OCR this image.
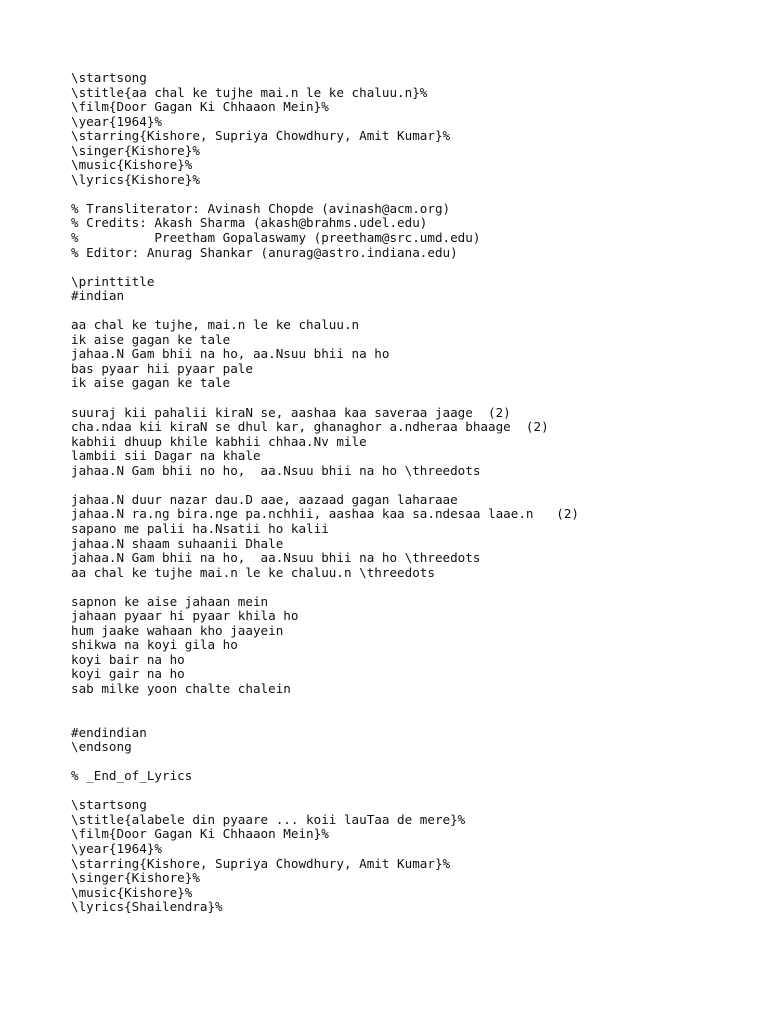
\startsong
\stitle{aa chal ke tujhe mai.n le ke chaluu.n}%
\film{Door Gagan Ki Chhaaon Mein}%
\year{1964}%
\starring{Kishore, Supriya Chowdhury, Amit Kumar}%
\singer{Kishore}%
\music{Kishore}%
\lyrics{Kishore}%
% Transliterator: Avinash Chopde (avinash@acm.org)
% Credits: Akash Sharma (akash@brahms.udel.edu)
%          Preetham Gopalaswamy (preetham@src.umd.edu)
% Editor: Anurag Shankar (anurag@astro.indiana.edu)
\printtitle
#indian
aa chal ke tujhe, mai.n le ke chaluu.n
ik aise gagan ke tale
jahaa.N Gam bhii na ho, aa.Nsuu bhii na ho
bas pyaar hii pyaar pale
ik aise gagan ke tale
suuraj kii pahalii kiraN se, aashaa kaa saveraa jaage  (2)
cha.ndaa kii kiraN se dhul kar, ghanaghor a.ndheraa bhaage  (2)
kabhii dhuup khile kabhii chhaa.Nv mile
lambii sii Dagar na khale
jahaa.N Gam bhii no ho,  aa.Nsuu bhii na ho \threedots
jahaa.N duur nazar dau.D aae, aazaad gagan laharaae
jahaa.N ra.ng bira.nge pa.nchhii, aashaa kaa sa.ndesaa laae.n   (2)
sapano me palii ha.Nsatii ho kalii
jahaa.N shaam suhaanii Dhale
jahaa.N Gam bhii na ho,  aa.Nsuu bhii na ho \threedots
aa chal ke tujhe mai.n le ke chaluu.n \threedots
sapnon ke aise jahaan mein
jahaan pyaar hi pyaar khila ho
hum jaake wahaan kho jaayein
shikwa na koyi gila ho
koyi bair na ho
koyi gair na ho
sab milke yoon chalte chalein
#endindian
\endsong
% _End_of_Lyrics
\startsong
\stitle{alabele din pyaare ... koii lauTaa de mere}%
\film{Door Gagan Ki Chhaaon Mein}%
\year{1964}%
\starring{Kishore, Supriya Chowdhury, Amit Kumar}%
\singer{Kishore}%
\music{Kishore}%
\lyrics{Shailendra}%
